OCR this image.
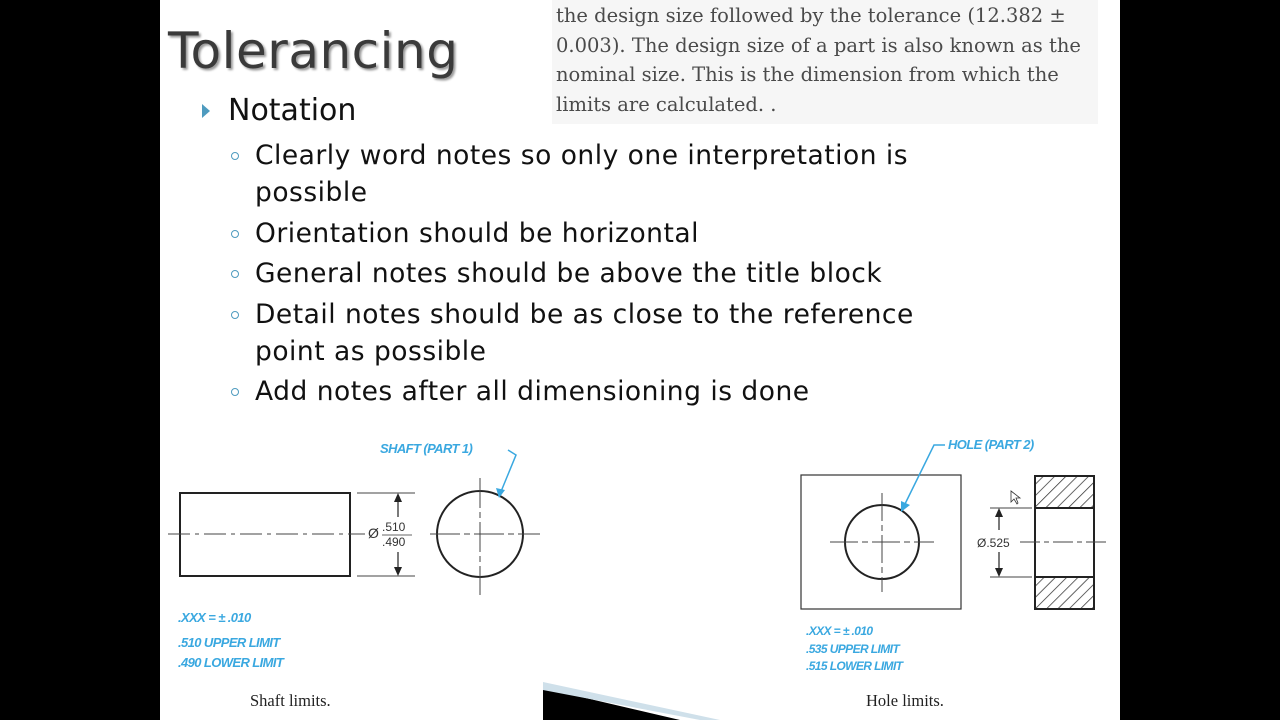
Tolerancing
the design size followed by the tolerance (12.382 ±
0.003). The design size of a part is also known as the
nominal size. This is the dimension from which the
limits are calculated. .
Notation
Clearly word notes so only one interpretation is
possible
Orientation should be horizontal
General notes should be above the title block
Detail notes should be as close to the reference
point as possible
Add notes after all dimensioning is done
Ø .510
.490
SHAFT (PART 1)
.XXX = ± .010
.510 UPPER LIMIT
.490 LOWER LIMIT
Shaft limits.
HOLE (PART 2)
Ø.525
.XXX = ± .010
.535 UPPER LIMIT
.515 LOWER LIMIT
Hole limits.
